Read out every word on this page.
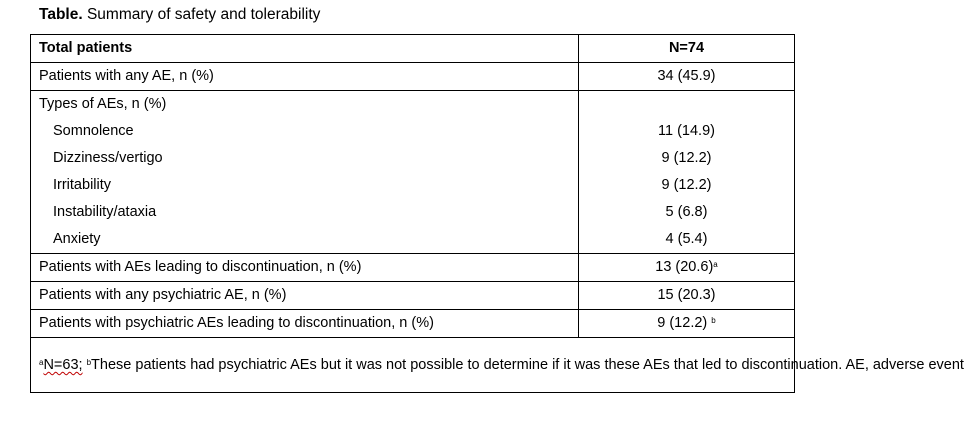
Table. Summary of safety and tolerability
Total patients	N=74
Patients with any AE, n (%)	34 (45.9)
Types of AEs, n (%)	
Somnolence	11 (14.9)
Dizziness/vertigo	9 (12.2)
Irritability	9 (12.2)
Instability/ataxia	5 (6.8)
Anxiety	4 (5.4)
Patients with AEs leading to discontinuation, n (%)	13 $(20.6)^a$
Patients with any psychiatric AE, n (%)	15 (20.3)
Patients with psychiatric AEs leading to discontinuation, n (%)	9 (12.2) $^b$
$^a$N=63; $^b$These patients had psychiatric AEs but it was not possible to determine if it was these AEs that led to discontinuation. AE, adverse event	
